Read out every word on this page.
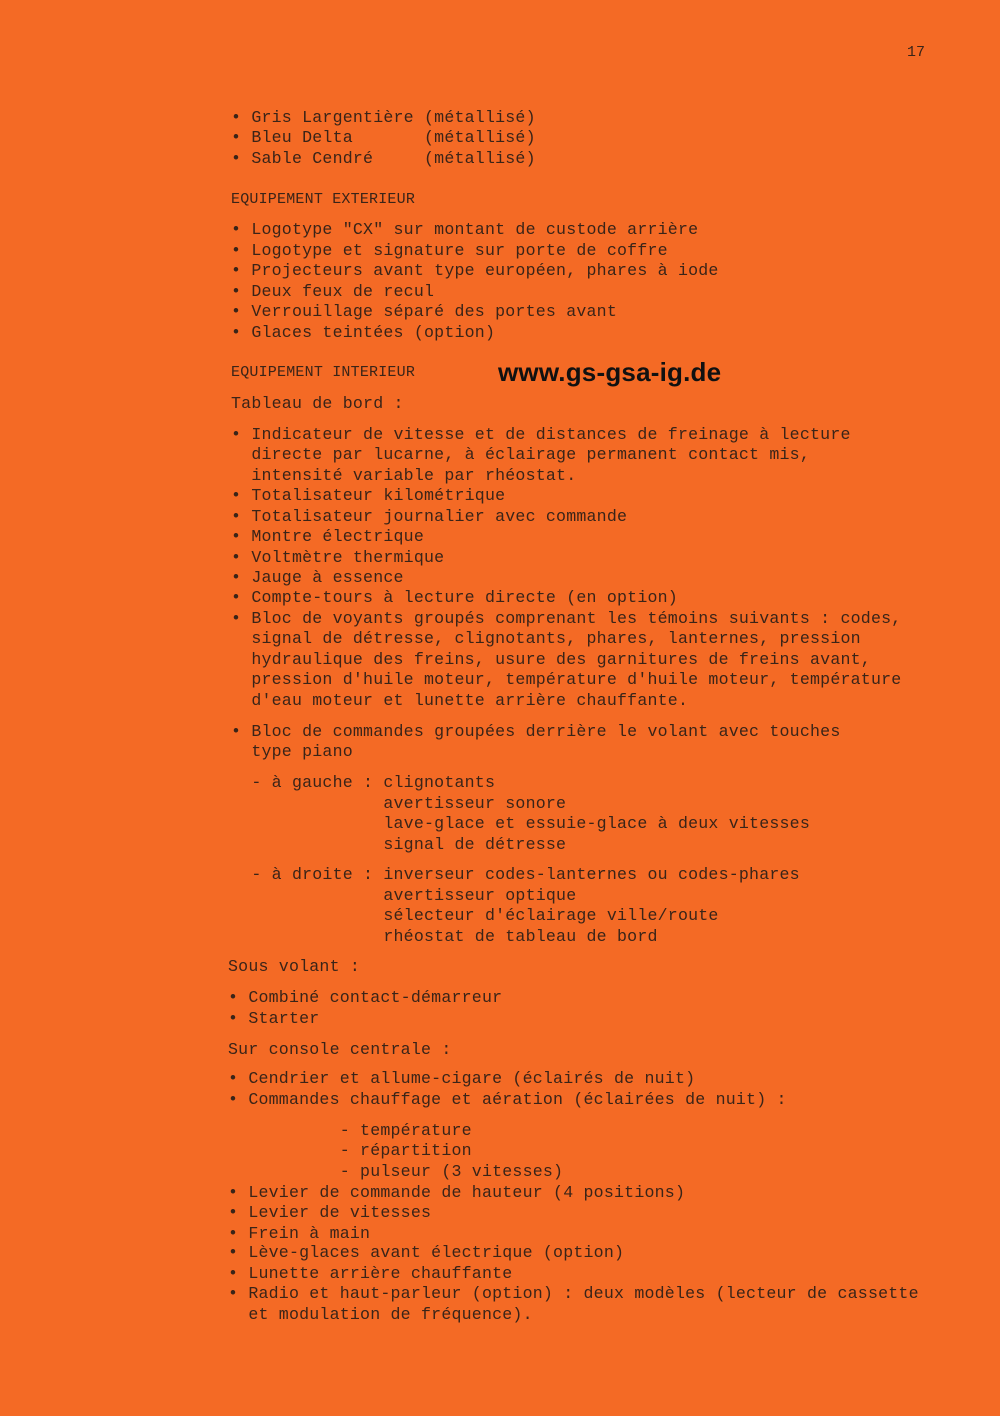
17
www.gs-gsa-ig.de
• Gris Largentière (métallisé)
• Bleu Delta       (métallisé)
• Sable Cendré     (métallisé)
EQUIPEMENT EXTERIEUR
• Logotype "CX" sur montant de custode arrière
• Logotype et signature sur porte de coffre
• Projecteurs avant type européen, phares à iode
• Deux feux de recul
• Verrouillage séparé des portes avant
• Glaces teintées (option)
EQUIPEMENT INTERIEUR
Tableau de bord :
• Indicateur de vitesse et de distances de freinage à lecture
directe par lucarne, à éclairage permanent contact mis,
intensité variable par rhéostat.
• Totalisateur kilométrique
• Totalisateur journalier avec commande
• Montre électrique
• Voltmètre thermique
• Jauge à essence
• Compte-tours à lecture directe (en option)
• Bloc de voyants groupés comprenant les témoins suivants : codes,
signal de détresse, clignotants, phares, lanternes, pression
hydraulique des freins, usure des garnitures de freins avant,
pression d'huile moteur, température d'huile moteur, température
d'eau moteur et lunette arrière chauffante.
• Bloc de commandes groupées derrière le volant avec touches
type piano
- à gauche : clignotants
avertisseur sonore
lave-glace et essuie-glace à deux vitesses
signal de détresse
- à droite : inverseur codes-lanternes ou codes-phares
avertisseur optique
sélecteur d'éclairage ville/route
rhéostat de tableau de bord
Sous volant :
• Combiné contact-démarreur
• Starter
Sur console centrale :
• Cendrier et allume-cigare (éclairés de nuit)
• Commandes chauffage et aération (éclairées de nuit) :
- température
- répartition
- pulseur (3 vitesses)
• Levier de commande de hauteur (4 positions)
• Levier de vitesses
• Frein à main
• Lève-glaces avant électrique (option)
• Lunette arrière chauffante
• Radio et haut-parleur (option) : deux modèles (lecteur de cassette
et modulation de fréquence).
